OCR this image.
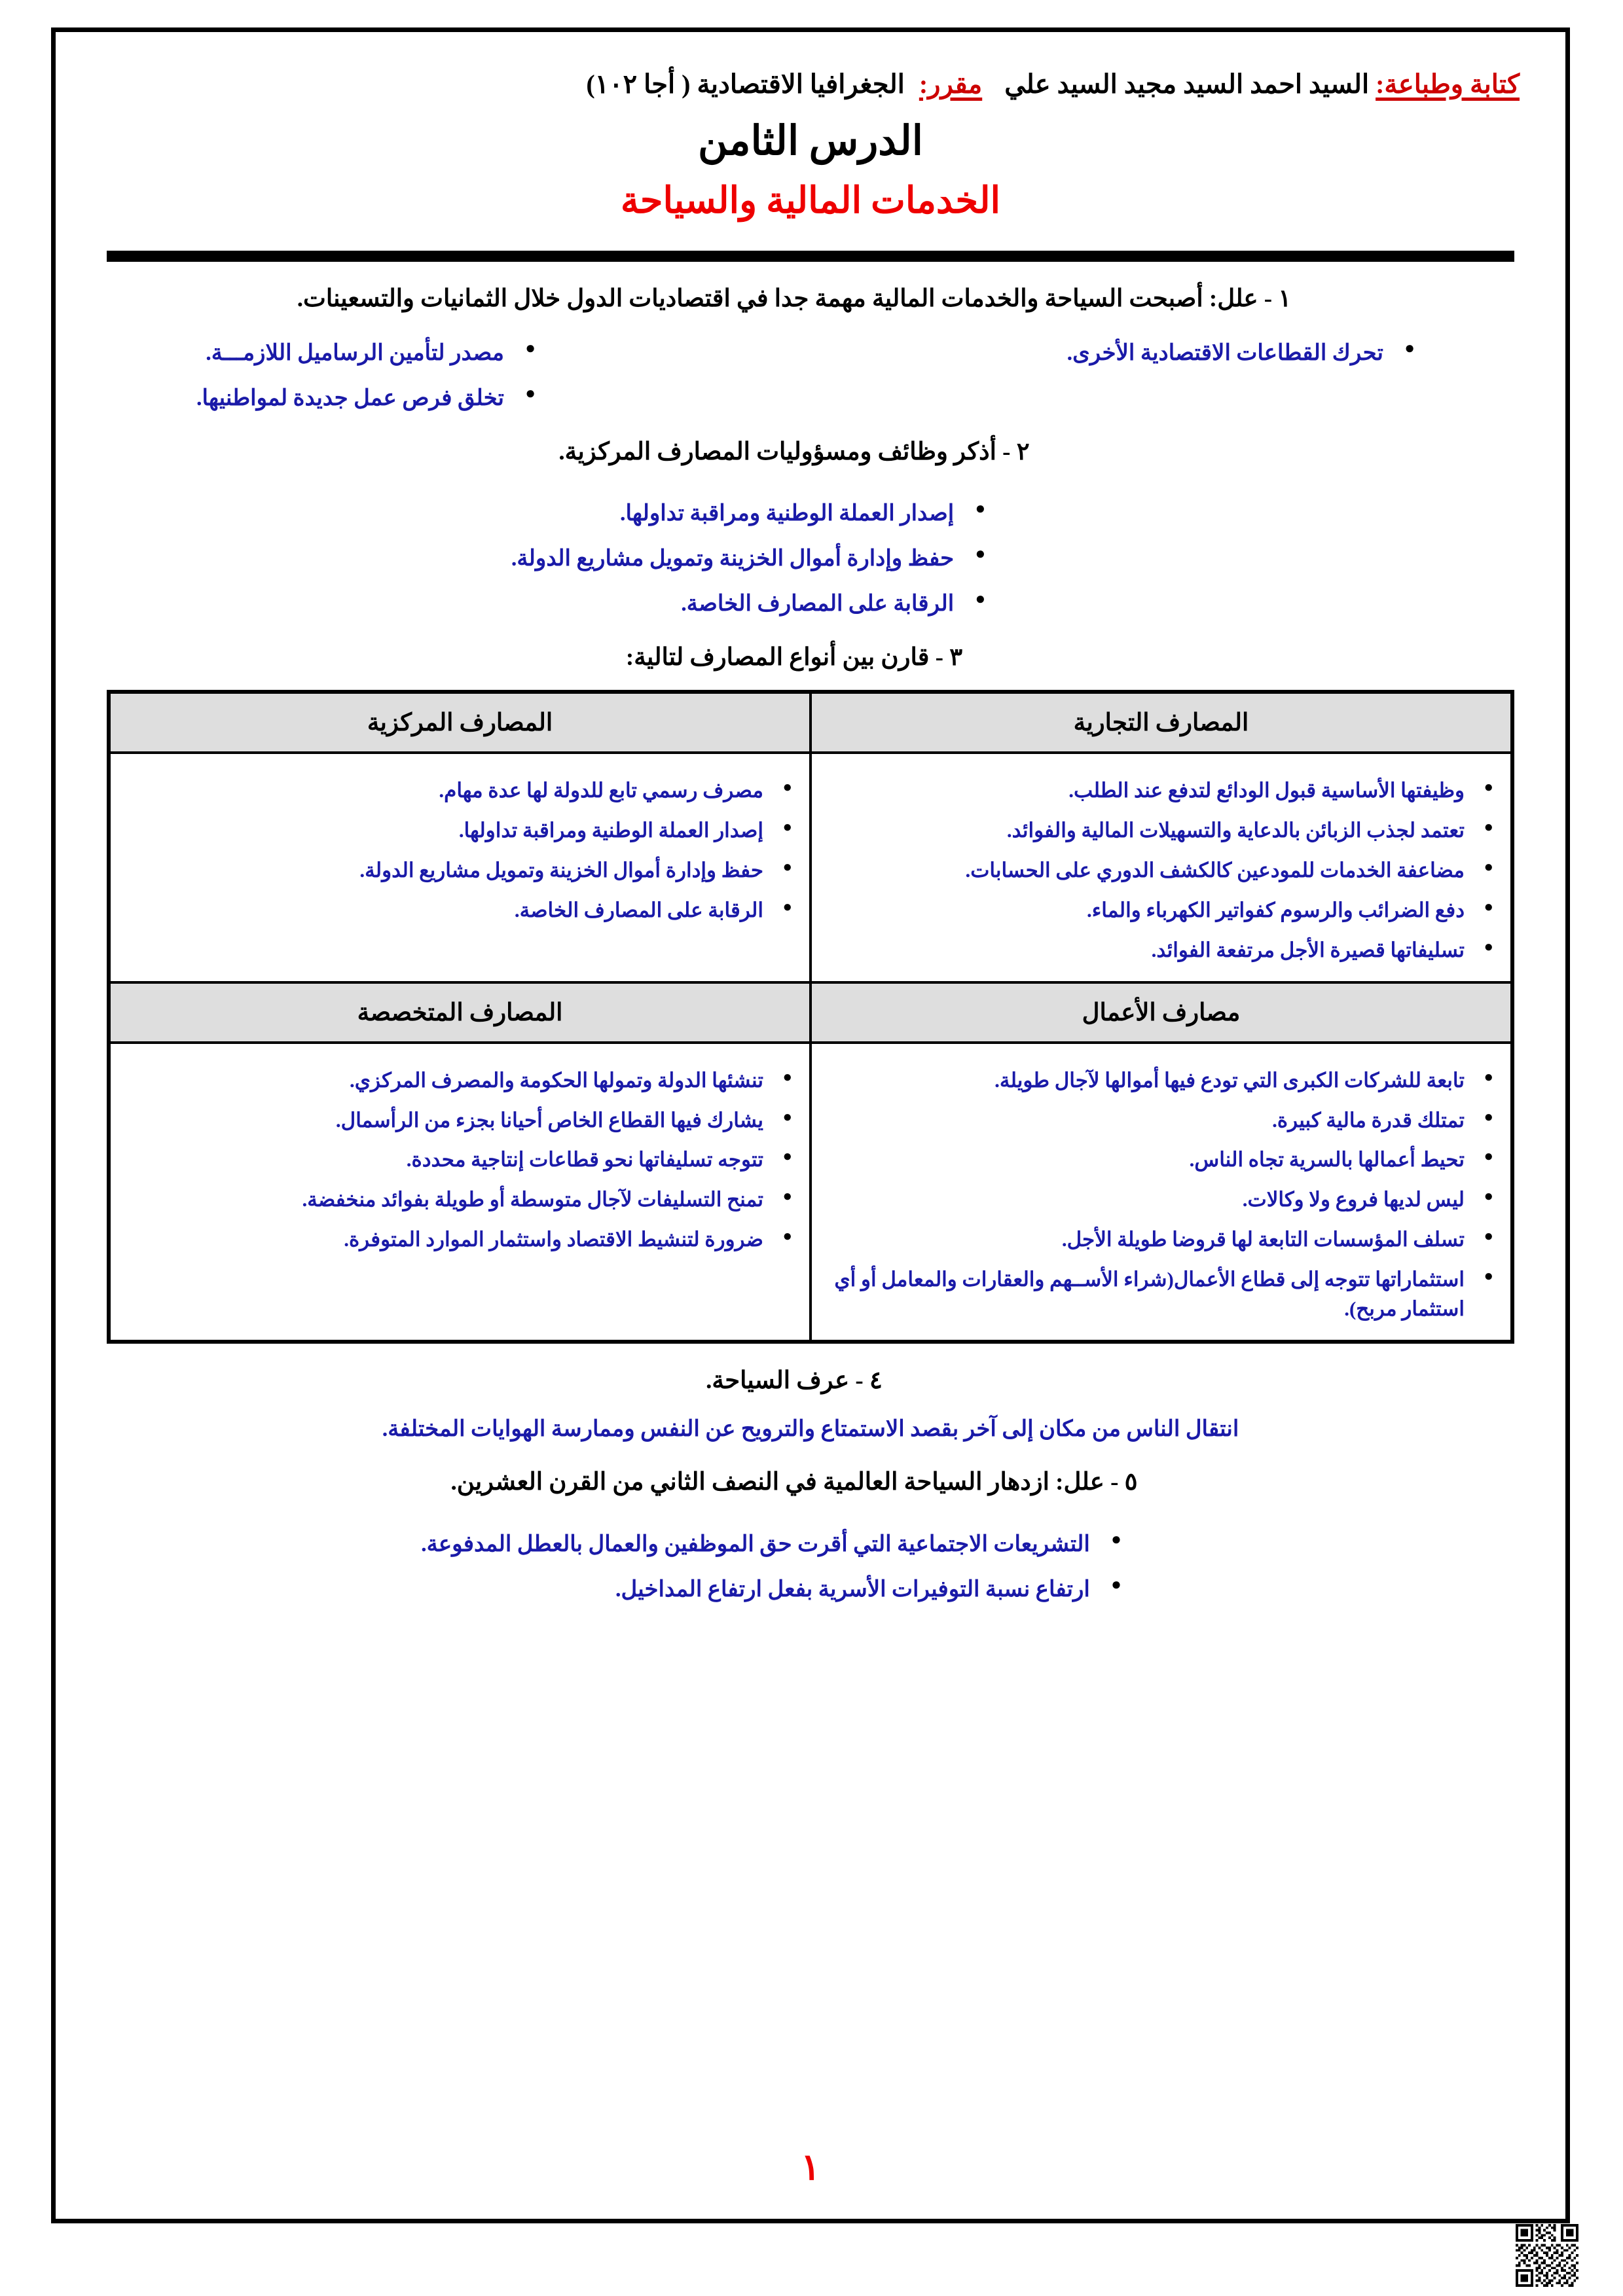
كتابة وطباعة:
السيد احمد السيد مجيد السيد علي
مقرر:
الجغرافيا الاقتصادية ( أجا ١٠٢)
الدرس الثامن
الخدمات المالية والسياحة
١ - علل: أصبحت السياحة والخدمات المالية مهمة جدا في اقتصاديات الدول خلال الثمانيات والتسعينات.
● تحرك القطاعات الاقتصادية الأخرى.
● مصدر لتأمين الرساميل اللازمـــة.
● تخلق فرص عمل جديدة لمواطنيها.
٢ - أذكر وظائف ومسؤوليات المصارف المركزية.
● إصدار العملة الوطنية ومراقبة تداولها.
● حفظ وإدارة أموال الخزينة وتمويل مشاريع الدولة.
● الرقابة على المصارف الخاصة.
٣ - قارن بين أنواع المصارف لتالية:
المصارف التجارية	المصارف المركزية

● وظيفتها الأساسية قبول الودائع لتدفع عند الطلب.
● تعتمد لجذب الزبائن بالدعاية والتسهيلات المالية والفوائد.
● مضاعفة الخدمات للمودعين كالكشف الدوري على الحسابات.
● دفع الضرائب والرسوم كفواتير الكهرباء والماء.
● تسليفاتها قصيرة الأجل مرتفعة الفوائد.

● مصرف رسمي تابع للدولة لها عدة مهام.
● إصدار العملة الوطنية ومراقبة تداولها.
● حفظ وإدارة أموال الخزينة وتمويل مشاريع الدولة.
● الرقابة على المصارف الخاصة.

مصارف الأعمال	المصارف المتخصصة

● تابعة للشركات الكبرى التي تودع فيها أموالها لآجال طويلة.
● تمتلك قدرة مالية كبيرة.
● تحيط أعمالها بالسرية تجاه الناس.
● ليس لديها فروع ولا وكالات.
● تسلف المؤسسات التابعة لها قروضا طويلة الأجل.
● استثماراتها تتوجه إلى قطاع الأعمال(شراء الأســهم والعقارات والمعامل أو أي استثمار مربح).

● تنشئها الدولة وتمولها الحكومة والمصرف المركزي.
● يشارك فيها القطاع الخاص أحيانا بجزء من الرأسمال.
● تتوجه تسليفاتها نحو قطاعات إنتاجية محددة.
● تمنح التسليفات لآجال متوسطة أو طويلة بفوائد منخفضة.
● ضرورة لتنشيط الاقتصاد واستثمار الموارد المتوفرة.
٤ - عرف السياحة.
انتقال الناس من مكان إلى آخر بقصد الاستمتاع والترويح عن النفس وممارسة الهوايات المختلفة.
٥ - علل: ازدهار السياحة العالمية في النصف الثاني من القرن العشرين.
● التشريعات الاجتماعية التي أقرت حق الموظفين والعمال بالعطل المدفوعة.
● ارتفاع نسبة التوفيرات الأسرية بفعل ارتفاع المداخيل.
١
